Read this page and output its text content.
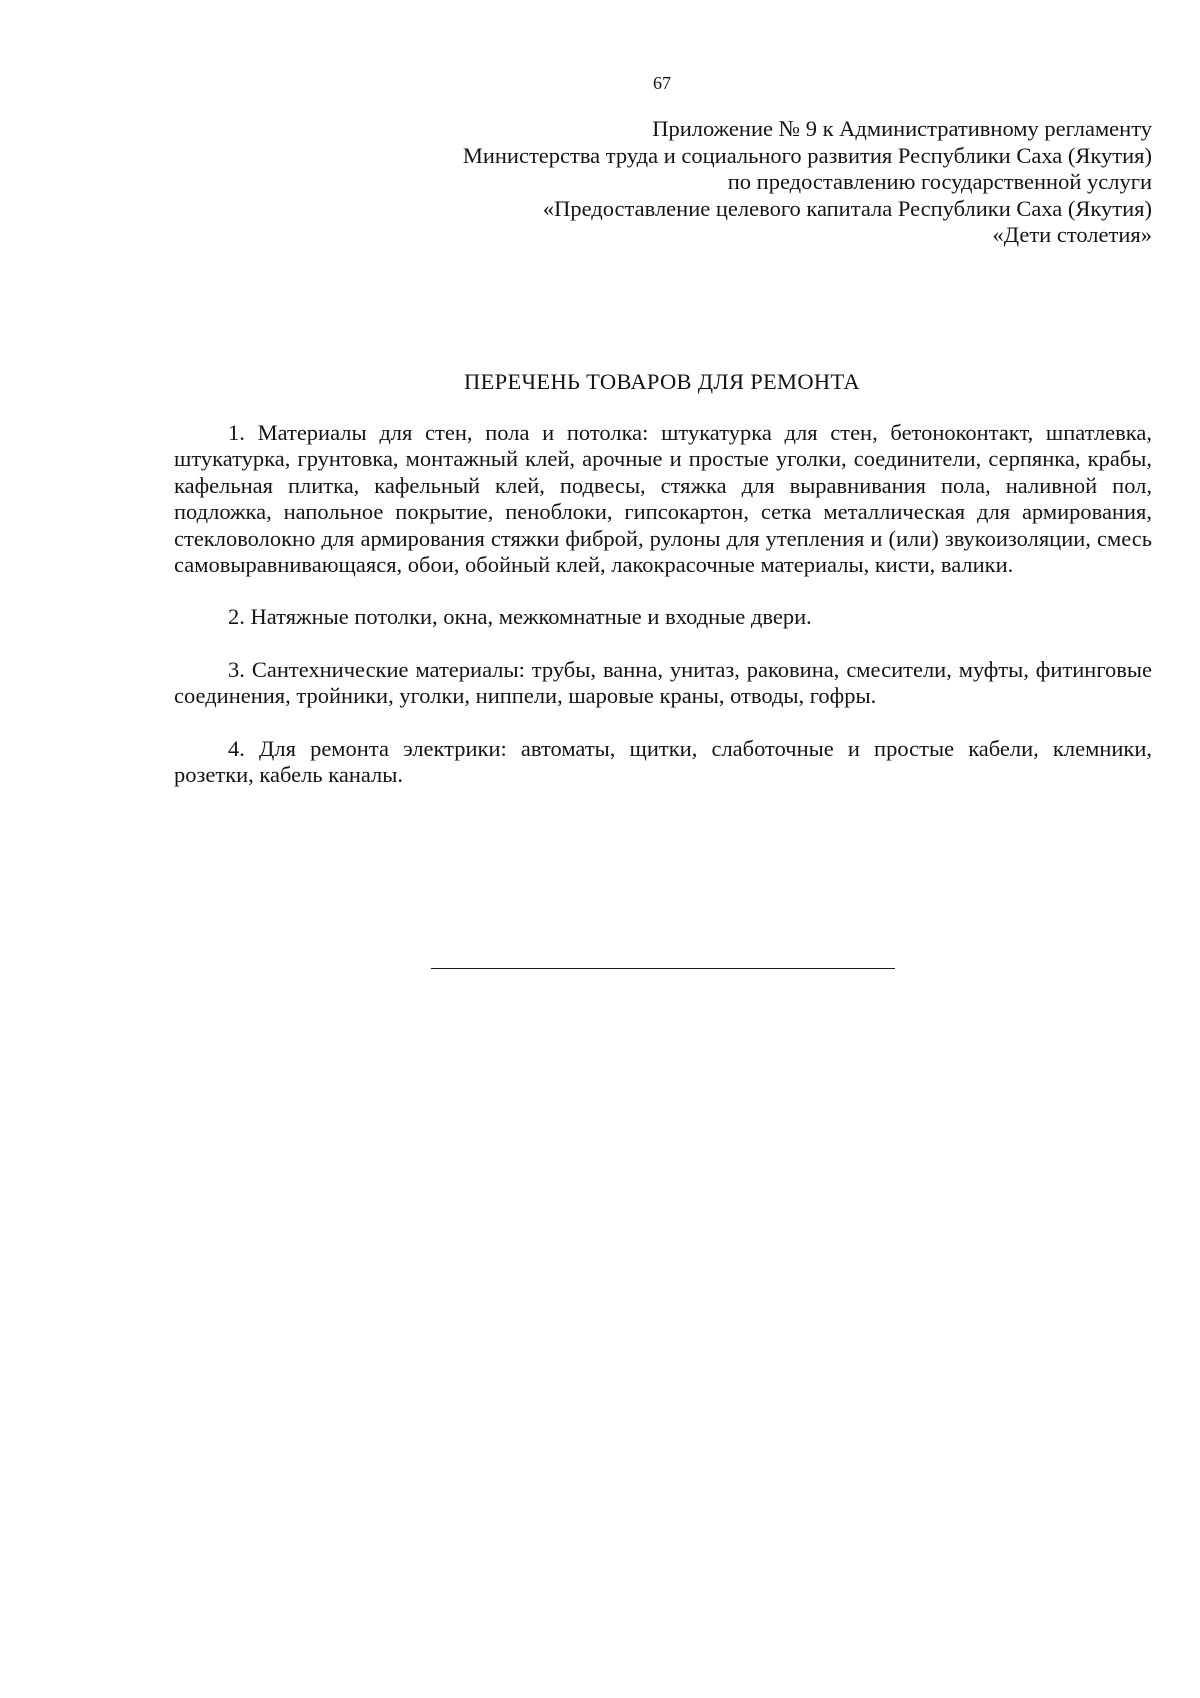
67
Приложение № 9 к Административному регламенту
Министерства труда и социального развития Республики Саха (Якутия)
по предоставлению государственной услуги
«Предоставление целевого капитала Республики Саха (Якутия)
«Дети столетия»
ПЕРЕЧЕНЬ ТОВАРОВ ДЛЯ РЕМОНТА

1. Материалы для стен, пола и потолка: штукатурка для стен, бетоноконтакт, шпатлевка, штукатурка, грунтовка, монтажный клей, арочные и простые уголки, соединители, серпянка, крабы, кафельная плитка, кафельный клей, подвесы, стяжка для выравнивания пола, наливной пол, подложка, напольное покрытие, пеноблоки, гипсокартон, сетка металлическая для армирования, стекловолокно для армирования стяжки фиброй, рулоны для утепления и (или) звукоизоляции, смесь самовыравнивающаяся, обои, обойный клей, лакокрасочные материалы, кисти, валики.

2. Натяжные потолки, окна, межкомнатные и входные двери.

3. Сантехнические материалы: трубы, ванна, унитаз, раковина, смесители, муфты, фитинговые соединения, тройники, уголки, ниппели, шаровые краны, отводы, гофры.

4. Для ремонта электрики: автоматы, щитки, слаботочные и простые кабели, клемники, розетки, кабель каналы.
